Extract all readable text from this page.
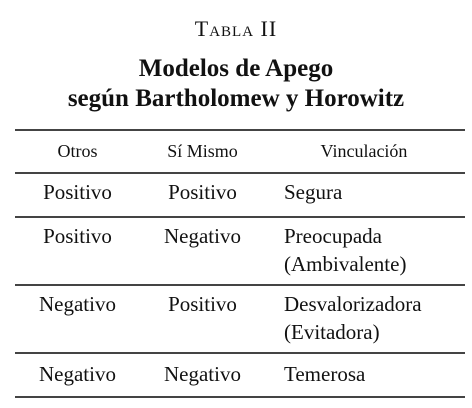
Tabla II
Modelos de Apego
según Bartholomew y Horowitz
Otros	Sí Mismo	Vinculación
Positivo	Positivo	Segura
Positivo	Negativo	Preocupada
(Ambivalente)
Negativo	Positivo	Desvalorizadora
(Evitadora)
Negativo	Negativo	Temerosa
